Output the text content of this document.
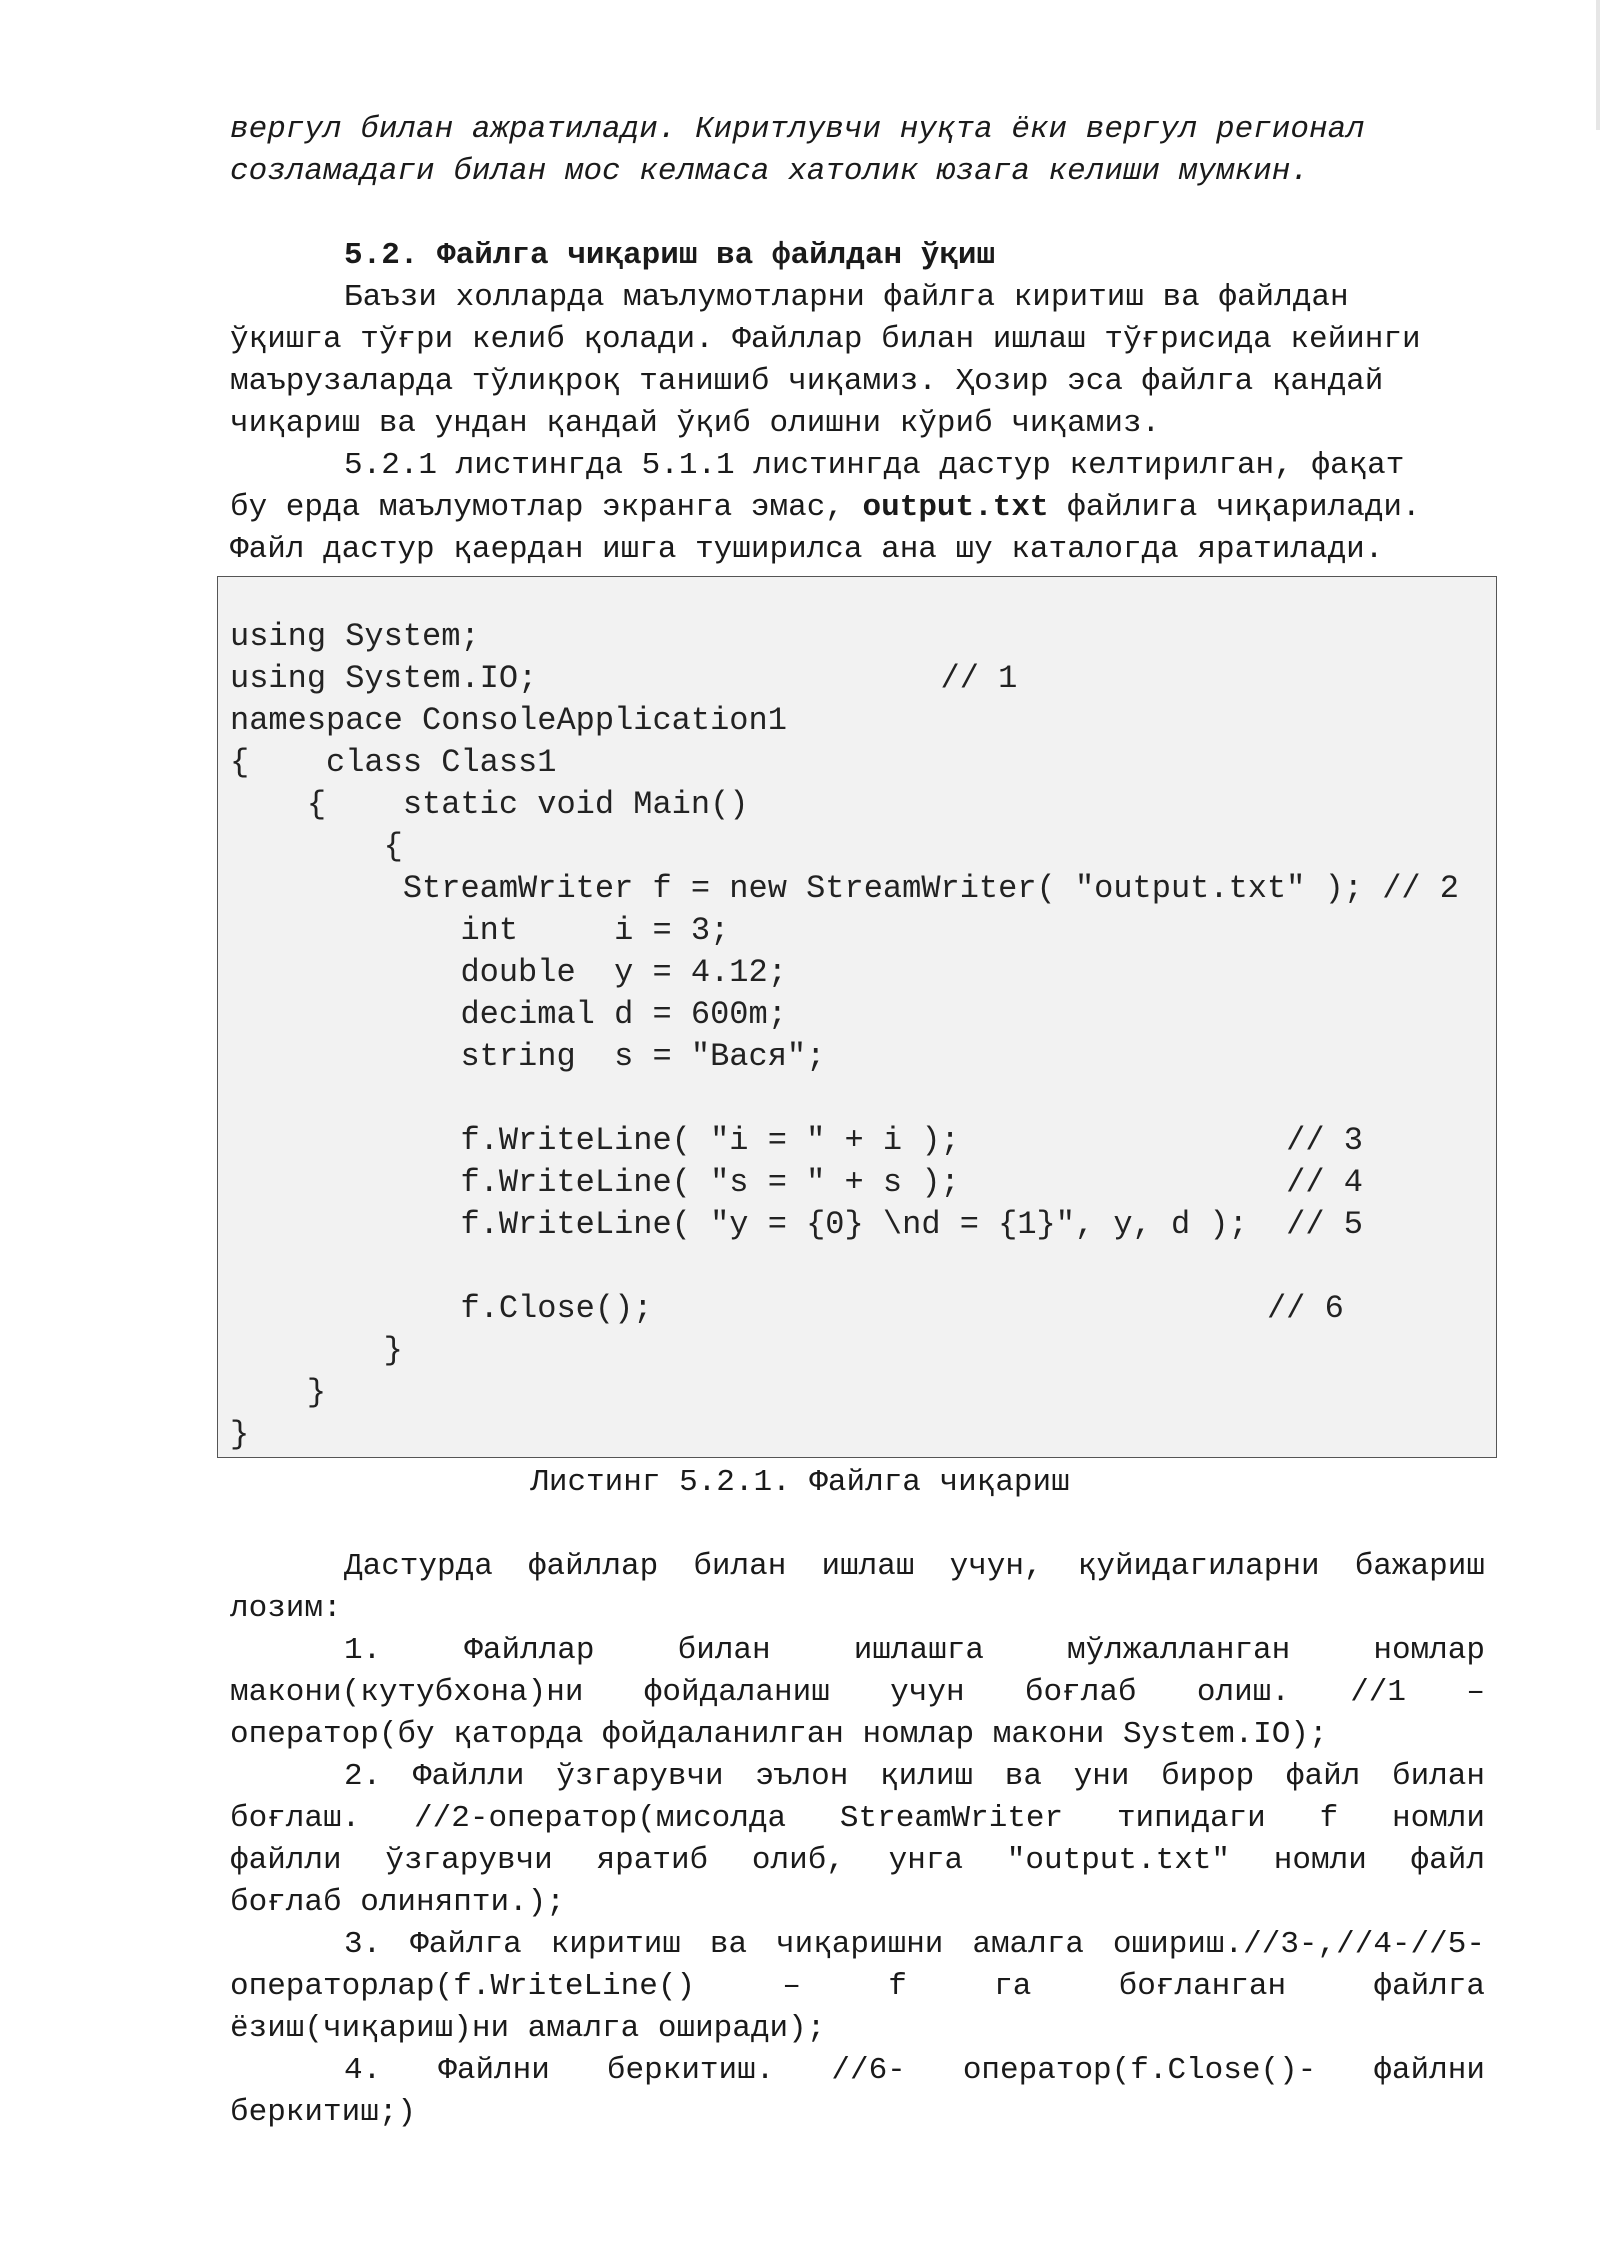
вергул билан ажратилади. Киритлувчи нуқта ёки вергул регионал
созламадаги билан мос келмаса хатолик юзага келиши мумкин.
5.2. Файлга чиқариш ва файлдан ўқиш
Баъзи холларда маълумотларни файлга киритиш ва файлдан
ўқишга тўғри келиб қолади. Файллар билан ишлаш тўғрисида кейинги
маърузаларда тўлиқроқ танишиб чиқамиз. Ҳозир эса файлга қандай
чиқариш ва ундан қандай ўқиб олишни кўриб чиқамиз.
5.2.1 листингда 5.1.1 листингда дастур келтирилган, фақат
бу ерда маълумотлар экранга эмас, output.txt файлига чиқарилади.
Файл дастур қаердан ишга туширилса ана шу каталогда яратилади.
using System;
using System.IO;                     // 1
namespace ConsoleApplication1
{    class Class1
{    static void Main()
{
StreamWriter f = new StreamWriter( "output.txt" ); // 2
int     i = 3;
double  y = 4.12;
decimal d = 600m;
string  s = "Вася";

f.WriteLine( "i = " + i );                 // 3
f.WriteLine( "s = " + s );                 // 4
f.WriteLine( "y = {0} \nd = {1}", y, d );  // 5

f.Close();                                // 6
}
}
}
Листинг 5.2.1. Файлга чиқариш
Дастурда файллар билан ишлаш учун, қуйидагиларни бажариш
лозим:
1.	Файллар	билан	ишлашга	мўлжалланган	номлар
макони(кутубхона)ни фойдаланиш учун боғлаб олиш. //1 –
оператор(бу қаторда фойдаланилган номлар макони System.IO);
2. Файлли ўзгарувчи эълон қилиш ва уни бирор файл билан
боғлаш. //2-оператор(мисолда StreamWriter типидаги f номли
файлли ўзгарувчи яратиб олиб, унга "output.txt" номли файл
боғлаб олиняпти.);
3. Файлга киритиш ва чиқаришни амалга ошириш.//3-,//4-//5-
операторлар(f.WriteLine()	–	f	га	боғланган	файлга
ёзиш(чиқариш)ни амалга оширади);
4. Файлни беркитиш. //6- оператор(f.Close()- файлни
беркитиш;)
